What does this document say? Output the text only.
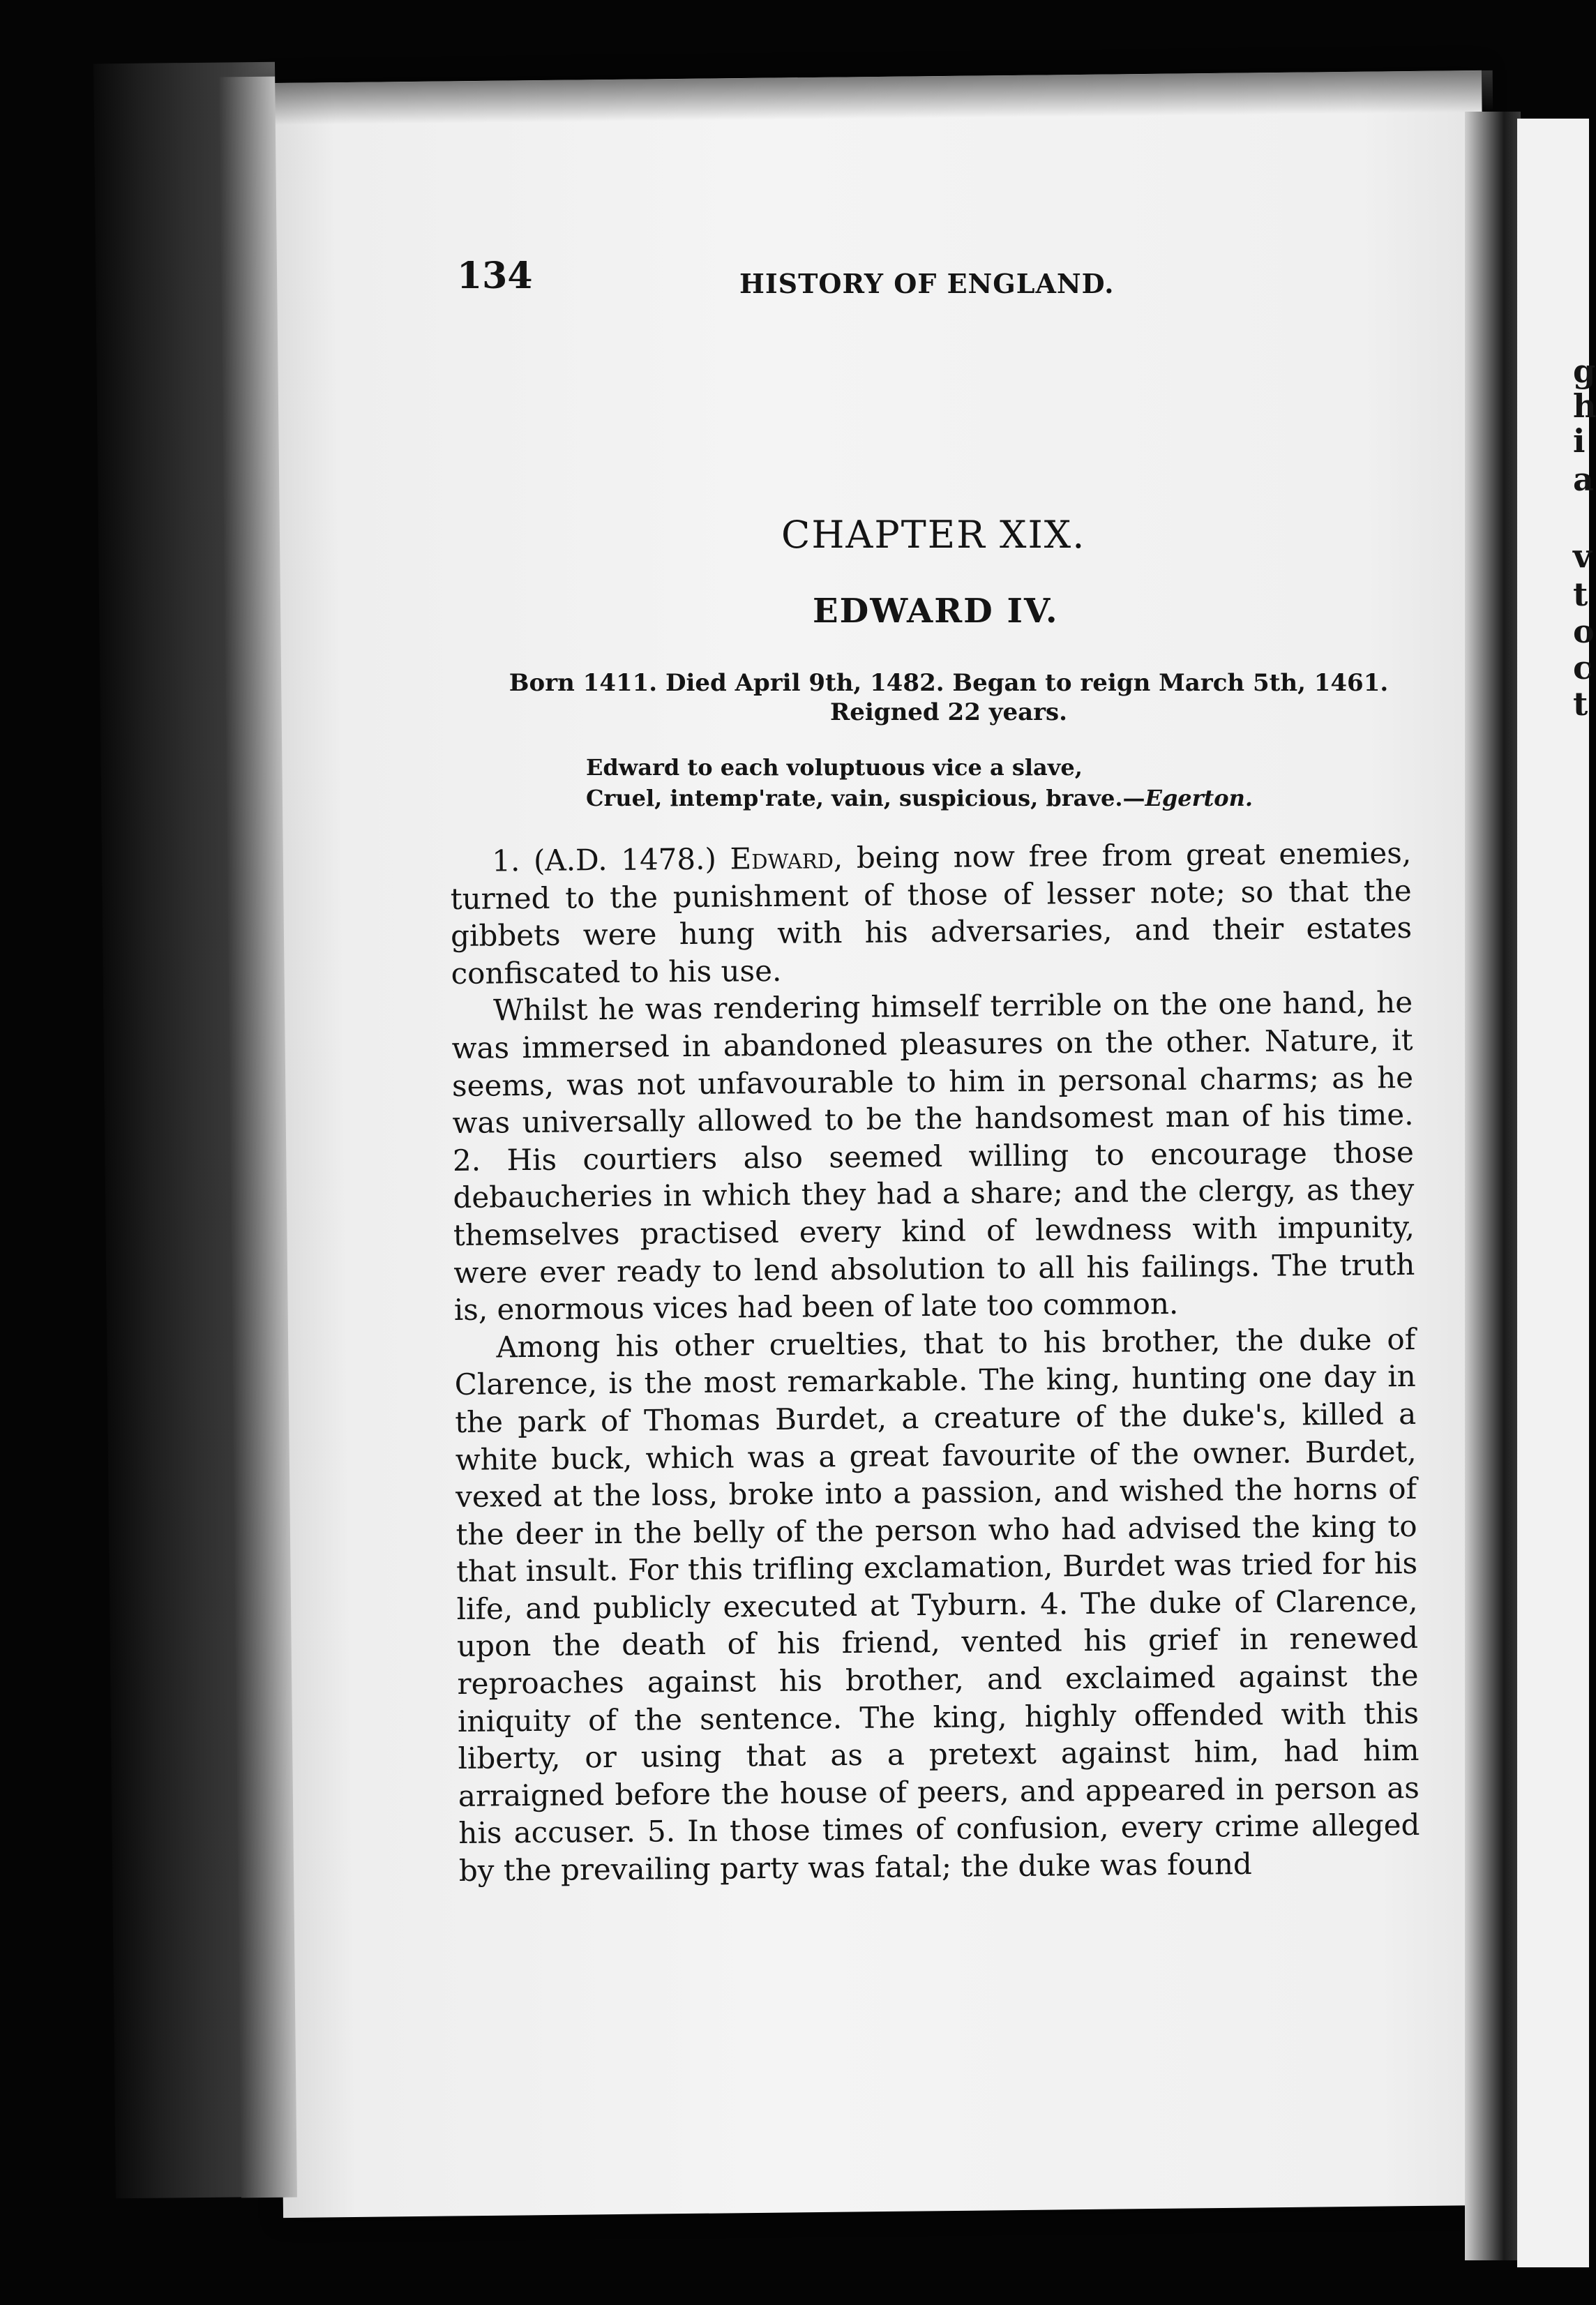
g
h
i
a
v
t
o
c
t
134	HISTORY OF ENGLAND.
CHAPTER XIX.
EDWARD IV.
Born 1411. Died April 9th, 1482. Began to reign March 5th, 1461.
Reigned 22 years.
Edward to each voluptuous vice a slave,
Cruel, intemp'rate, vain, suspicious, brave.—Egerton.

1. (A.D. 1478.) Edward, being now free from great enemies, turned to the punishment of those of lesser note; so that the gibbets were hung with his adversaries, and their estates confiscated to his use.

Whilst he was rendering himself terrible on the one hand, he was immersed in abandoned pleasures on the other. Nature, it seems, was not unfavourable to him in personal charms; as he was universally allowed to be the handsomest man of his time. 2. His courtiers also seemed willing to encourage those debaucheries in which they had a share; and the clergy, as they themselves practised every kind of lewdness with impunity, were ever ready to lend absolution to all his failings. The truth is, enormous vices had been of late too common.

Among his other cruelties, that to his brother, the duke of Clarence, is the most remarkable. The king, hunting one day in the park of Thomas Burdet, a creature of the duke's, killed a white buck, which was a great favourite of the owner. Burdet, vexed at the loss, broke into a passion, and wished the horns of the deer in the belly of the person who had advised the king to that insult. For this trifling exclamation, Burdet was tried for his life, and publicly executed at Tyburn. 4. The duke of Clarence, upon the death of his friend, vented his grief in renewed reproaches against his brother, and exclaimed against the iniquity of the sentence. The king, highly offended with this liberty, or using that as a pretext against him, had him arraigned before the house of peers, and appeared in person as his accuser. 5. In those times of confusion, every crime alleged by the prevailing party was fatal; the duke was found
